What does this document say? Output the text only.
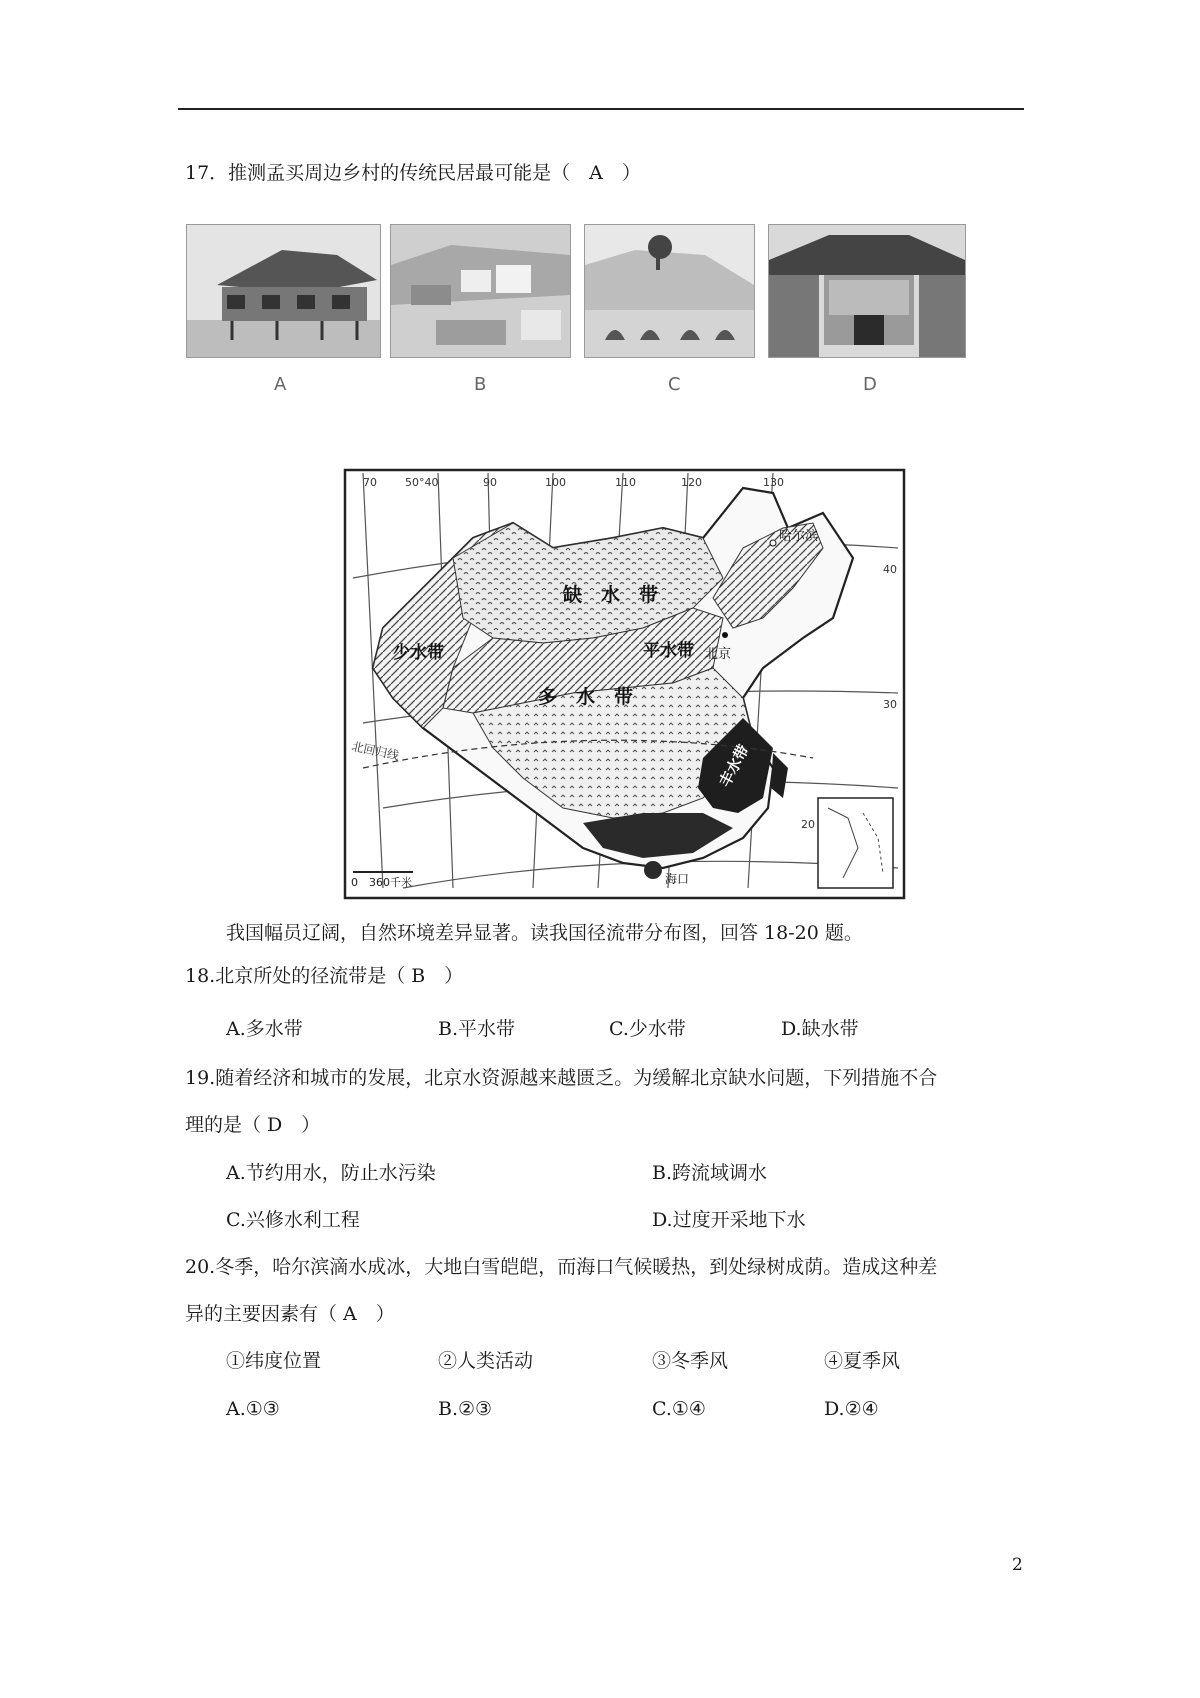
17．推测孟买周边乡村的传统民居最可能是（　A　）
A	B	C	D
70	50°40	90	100	110	120	130
40
30
20
缺　水　带
少水带	平水带
多　水　带
丰水带
北京
哈尔滨
海口
北回归线
0　360千米
我国幅员辽阔，自然环境差异显著。读我国径流带分布图，回答 18-20 题。
18.北京所处的径流带是（ B　）
A.多水带	B.平水带	C.少水带	D.缺水带
19.随着经济和城市的发展，北京水资源越来越匮乏。为缓解北京缺水问题，下列措施不合
理的是（ D　）
A.节约用水，防止水污染	B.跨流域调水
C.兴修水利工程	D.过度开采地下水
20.冬季，哈尔滨滴水成冰，大地白雪皑皑，而海口气候暖热，到处绿树成荫。造成这种差
异的主要因素有（ A　）
①纬度位置	②人类活动	③冬季风	④夏季风
A.①③	B.②③	C.①④	D.②④
2
